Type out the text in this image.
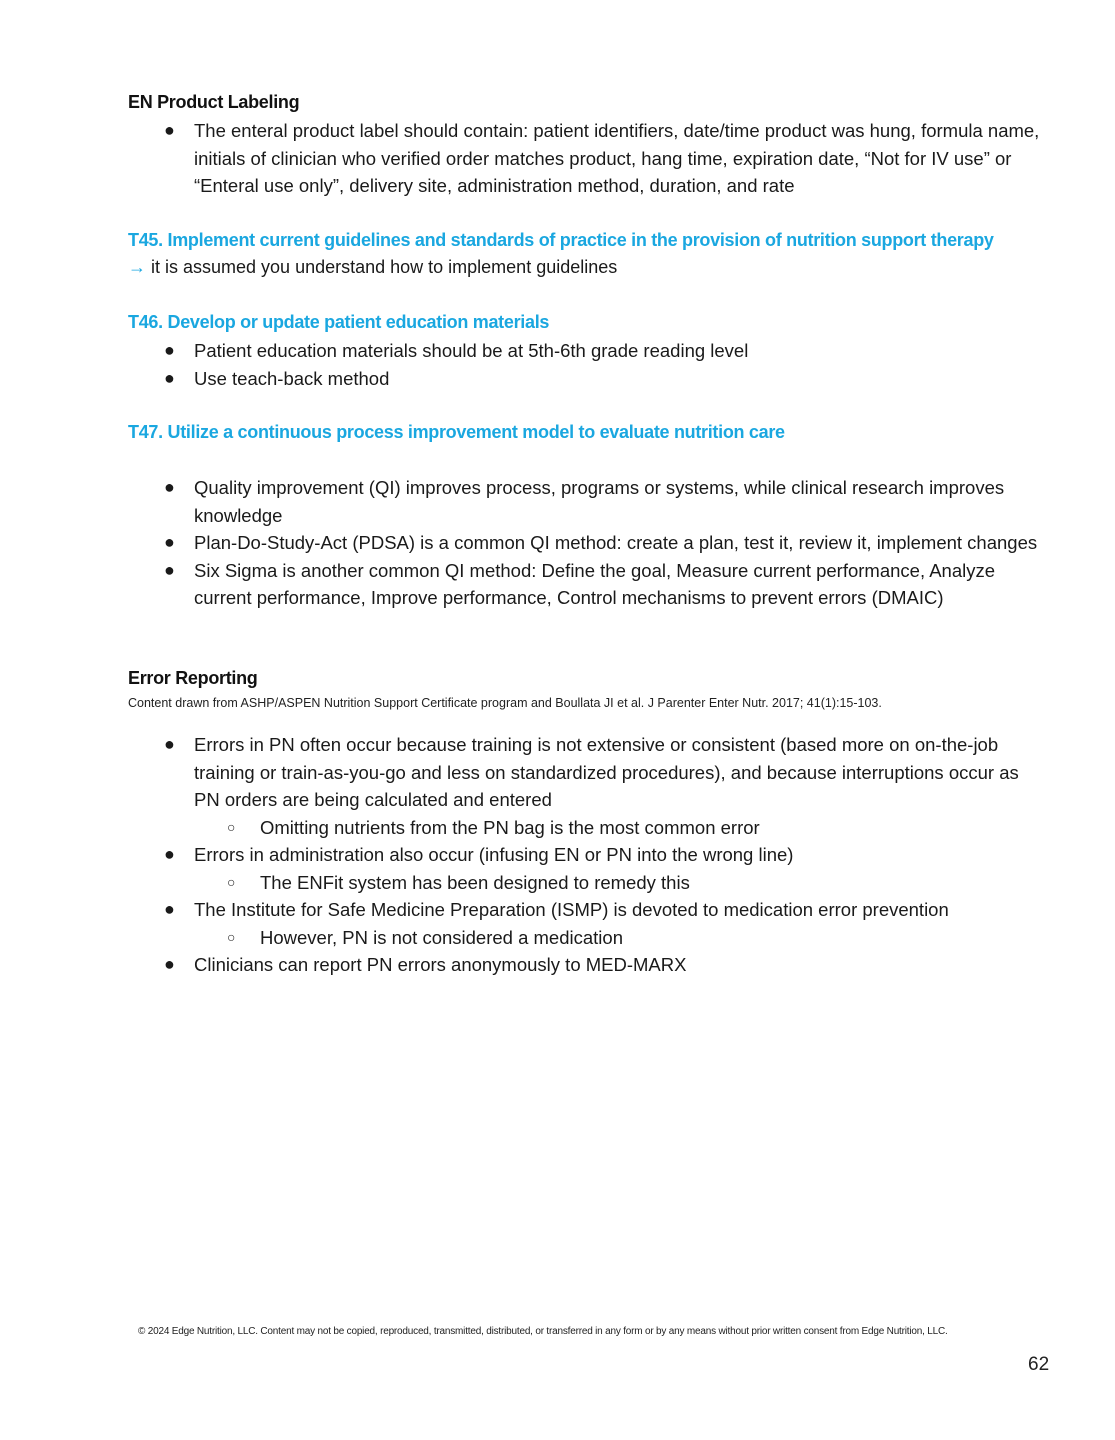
EN Product Labeling
● The enteral product label should contain: patient identifiers, date/time product was hung, formula name, initials of clinician who verified order matches product, hang time, expiration date, “Not for IV use” or “Enteral use only”, delivery site, administration method, duration, and rate
T45. Implement current guidelines and standards of practice in the provision of nutrition support therapy
→ it is assumed you understand how to implement guidelines
T46. Develop or update patient education materials
● Patient education materials should be at 5th-6th grade reading level
● Use teach-back method
T47. Utilize a continuous process improvement model to evaluate nutrition care
● Quality improvement (QI) improves process, programs or systems, while clinical research improves knowledge
● Plan-Do-Study-Act (PDSA) is a common QI method: create a plan, test it, review it, implement changes
● Six Sigma is another common QI method: Define the goal, Measure current performance, Analyze current performance, Improve performance, Control mechanisms to prevent errors (DMAIC)
Error Reporting
Content drawn from ASHP/ASPEN Nutrition Support Certificate program and Boullata JI et al. J Parenter Enter Nutr. 2017; 41(1):15-103.
● Errors in PN often occur because training is not extensive or consistent (based more on on-the-job training or train-as-you-go and less on standardized procedures), and because interruptions occur as PN orders are being calculated and entered
○ Omitting nutrients from the PN bag is the most common error
● Errors in administration also occur (infusing EN or PN into the wrong line)
○ The ENFit system has been designed to remedy this
● The Institute for Safe Medicine Preparation (ISMP) is devoted to medication error prevention
○ However, PN is not considered a medication
● Clinicians can report PN errors anonymously to MED-MARX
© 2024 Edge Nutrition, LLC. Content may not be copied, reproduced, transmitted, distributed, or transferred in any form or by any means without prior written consent from Edge Nutrition, LLC.
62
